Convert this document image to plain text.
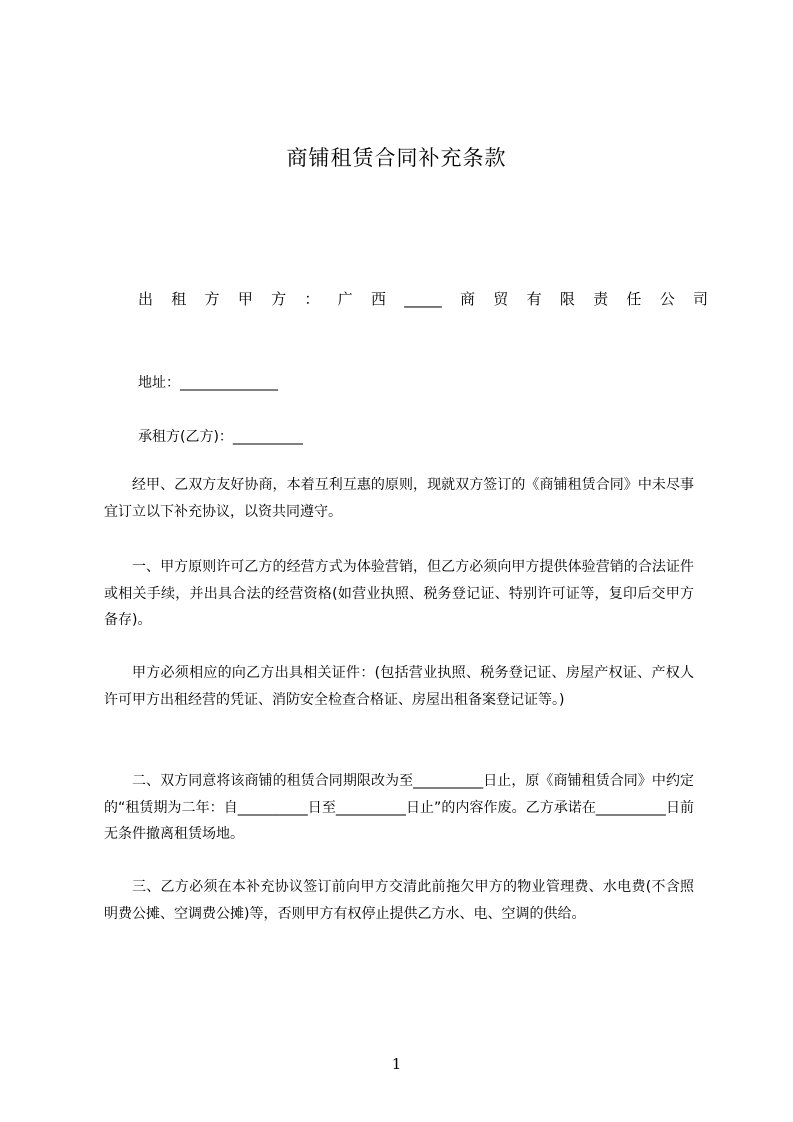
商铺租赁合同补充条款
出租方甲方：广西_____商贸有限责任公司
地址：______________
承租方(乙方)：__________
经甲、乙双方友好协商，本着互利互惠的原则，现就双方签订的《商铺租赁合同》中未尽事宜订立以下补充协议，以资共同遵守。
一、甲方原则许可乙方的经营方式为体验营销，但乙方必须向甲方提供体验营销的合法证件或相关手续，并出具合法的经营资格(如营业执照、税务登记证、特别许可证等，复印后交甲方备存)。
甲方必须相应的向乙方出具相关证件：(包括营业执照、税务登记证、房屋产权证、产权人许可甲方出租经营的凭证、消防安全检查合格证、房屋出租备案登记证等。)
二、双方同意将该商铺的租赁合同期限改为至__________日止，原《商铺租赁合同》中约定的“租赁期为二年：自__________日至__________日止”的内容作废。乙方承诺在__________日前无条件撤离租赁场地。
三、乙方必须在本补充协议签订前向甲方交清此前拖欠甲方的物业管理费、水电费(不含照明费公摊、空调费公摊)等，否则甲方有权停止提供乙方水、电、空调的供给。
1
